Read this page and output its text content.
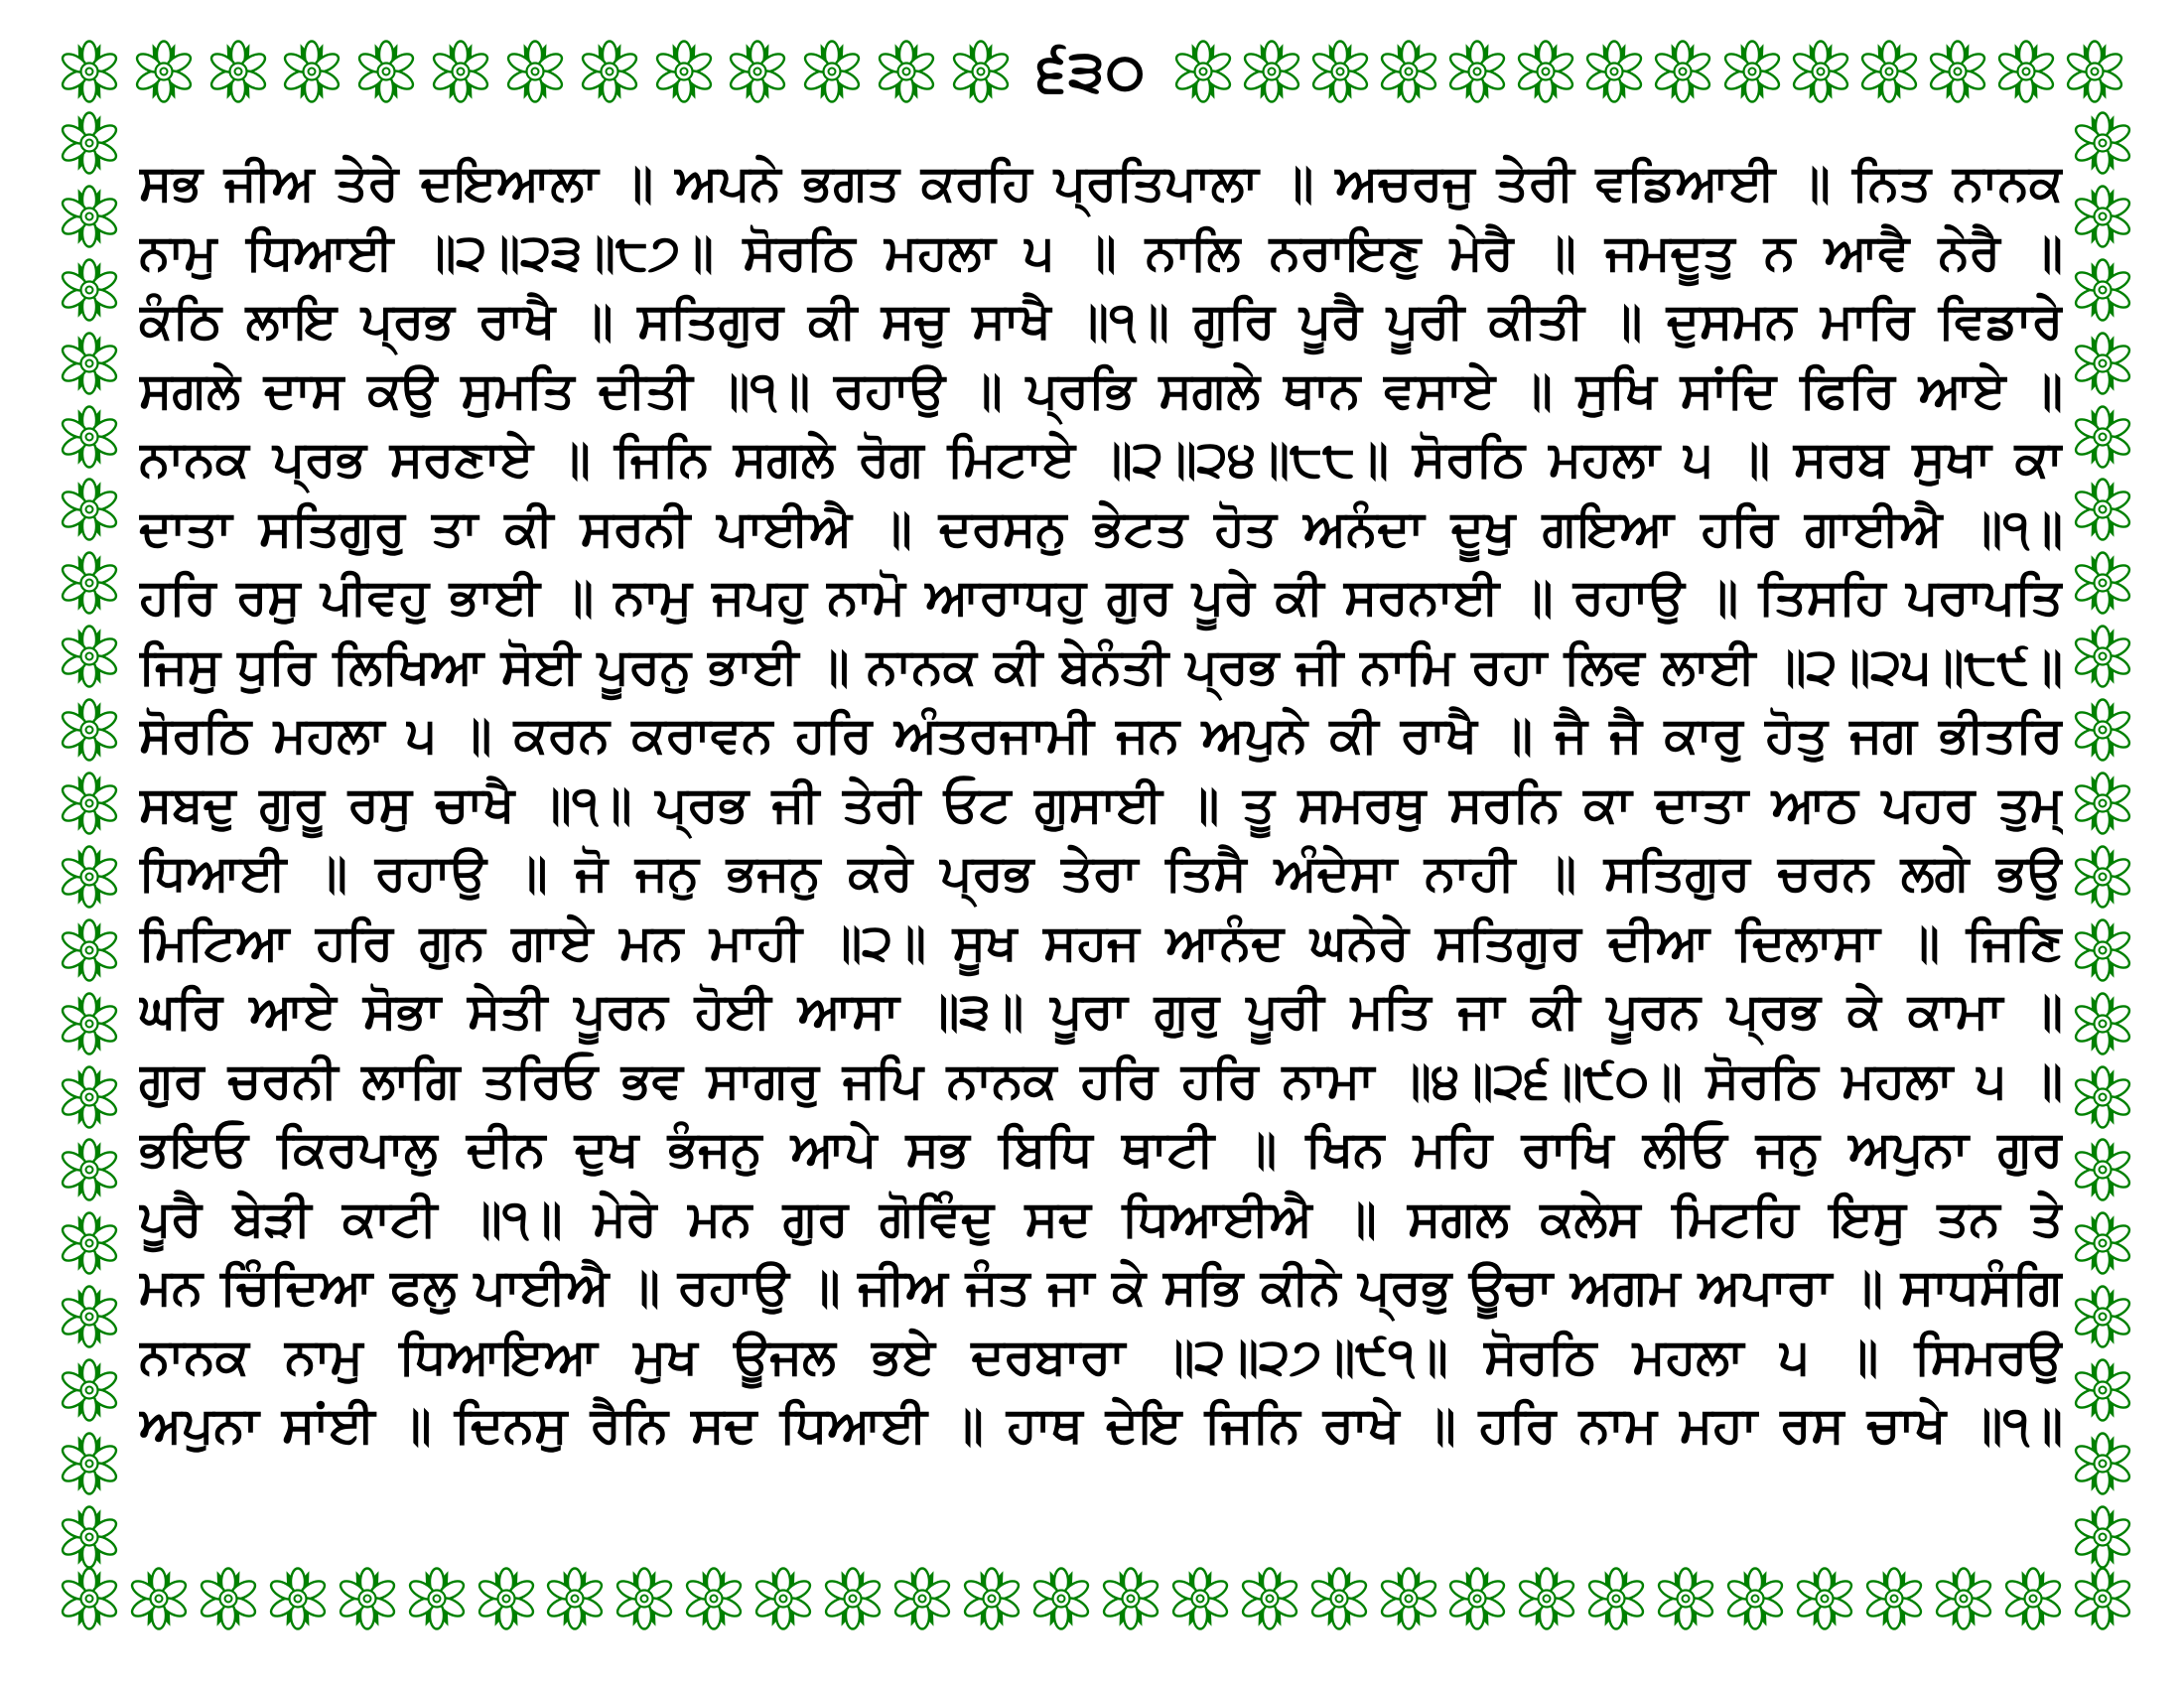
੬੩੦
ਸਭ ਜੀਅ ਤੇਰੇ ਦਇਆਲਾ ॥ ਅਪਨੇ ਭਗਤ ਕਰਹਿ ਪ੍ਰਤਿਪਾਲਾ ॥ ਅਚਰਜੁ ਤੇਰੀ ਵਡਿਆਈ ॥ ਨਿਤ ਨਾਨਕ
ਨਾਮੁ ਧਿਆਈ ॥੨॥੨੩॥੮੭॥ ਸੋਰਠਿ ਮਹਲਾ ੫ ॥ ਨਾਲਿ ਨਰਾਇਣੁ ਮੇਰੈ ॥ ਜਮਦੂਤੁ ਨ ਆਵੈ ਨੇਰੈ ॥
ਕੰਠਿ ਲਾਇ ਪ੍ਰਭ ਰਾਖੈ ॥ ਸਤਿਗੁਰ ਕੀ ਸਚੁ ਸਾਖੈ ॥੧॥ ਗੁਰਿ ਪੂਰੈ ਪੂਰੀ ਕੀਤੀ ॥ ਦੁਸਮਨ ਮਾਰਿ ਵਿਡਾਰੇ
ਸਗਲੇ ਦਾਸ ਕਉ ਸੁਮਤਿ ਦੀਤੀ ॥੧॥ ਰਹਾਉ ॥ ਪ੍ਰਭਿ ਸਗਲੇ ਥਾਨ ਵਸਾਏ ॥ ਸੁਖਿ ਸਾਂਦਿ ਫਿਰਿ ਆਏ ॥
ਨਾਨਕ ਪ੍ਰਭ ਸਰਣਾਏ ॥ ਜਿਨਿ ਸਗਲੇ ਰੋਗ ਮਿਟਾਏ ॥੨॥੨੪॥੮੮॥ ਸੋਰਠਿ ਮਹਲਾ ੫ ॥ ਸਰਬ ਸੁਖਾ ਕਾ
ਦਾਤਾ ਸਤਿਗੁਰੁ ਤਾ ਕੀ ਸਰਨੀ ਪਾਈਐ ॥ ਦਰਸਨੁ ਭੇਟਤ ਹੋਤ ਅਨੰਦਾ ਦੂਖੁ ਗਇਆ ਹਰਿ ਗਾਈਐ ॥੧॥
ਹਰਿ ਰਸੁ ਪੀਵਹੁ ਭਾਈ ॥ ਨਾਮੁ ਜਪਹੁ ਨਾਮੋ ਆਰਾਧਹੁ ਗੁਰ ਪੂਰੇ ਕੀ ਸਰਨਾਈ ॥ ਰਹਾਉ ॥ ਤਿਸਹਿ ਪਰਾਪਤਿ
ਜਿਸੁ ਧੁਰਿ ਲਿਖਿਆ ਸੋਈ ਪੂਰਨੁ ਭਾਈ ॥ ਨਾਨਕ ਕੀ ਬੇਨੰਤੀ ਪ੍ਰਭ ਜੀ ਨਾਮਿ ਰਹਾ ਲਿਵ ਲਾਈ ॥੨॥੨੫॥੮੯॥
ਸੋਰਠਿ ਮਹਲਾ ੫ ॥ ਕਰਨ ਕਰਾਵਨ ਹਰਿ ਅੰਤਰਜਾਮੀ ਜਨ ਅਪੁਨੇ ਕੀ ਰਾਖੈ ॥ ਜੈ ਜੈ ਕਾਰੁ ਹੋਤੁ ਜਗ ਭੀਤਰਿ
ਸਬਦੁ ਗੁਰੂ ਰਸੁ ਚਾਖੈ ॥੧॥ ਪ੍ਰਭ ਜੀ ਤੇਰੀ ਓਟ ਗੁਸਾਈ ॥ ਤੂ ਸਮਰਥੁ ਸਰਨਿ ਕਾ ਦਾਤਾ ਆਠ ਪਹਰ ਤੁਮ੍
ਧਿਆਈ ॥ ਰਹਾਉ ॥ ਜੋ ਜਨੁ ਭਜਨੁ ਕਰੇ ਪ੍ਰਭ ਤੇਰਾ ਤਿਸੈ ਅੰਦੇਸਾ ਨਾਹੀ ॥ ਸਤਿਗੁਰ ਚਰਨ ਲਗੇ ਭਉ
ਮਿਟਿਆ ਹਰਿ ਗੁਨ ਗਾਏ ਮਨ ਮਾਹੀ ॥੨॥ ਸੂਖ ਸਹਜ ਆਨੰਦ ਘਨੇਰੇ ਸਤਿਗੁਰ ਦੀਆ ਦਿਲਾਸਾ ॥ ਜਿਣਿ
ਘਰਿ ਆਏ ਸੋਭਾ ਸੇਤੀ ਪੂਰਨ ਹੋਈ ਆਸਾ ॥੩॥ ਪੂਰਾ ਗੁਰੁ ਪੂਰੀ ਮਤਿ ਜਾ ਕੀ ਪੂਰਨ ਪ੍ਰਭ ਕੇ ਕਾਮਾ ॥
ਗੁਰ ਚਰਨੀ ਲਾਗਿ ਤਰਿਓ ਭਵ ਸਾਗਰੁ ਜਪਿ ਨਾਨਕ ਹਰਿ ਹਰਿ ਨਾਮਾ ॥੪॥੨੬॥੯੦॥ ਸੋਰਠਿ ਮਹਲਾ ੫ ॥
ਭਇਓ ਕਿਰਪਾਲੁ ਦੀਨ ਦੁਖ ਭੰਜਨੁ ਆਪੇ ਸਭ ਬਿਧਿ ਥਾਟੀ ॥ ਖਿਨ ਮਹਿ ਰਾਖਿ ਲੀਓ ਜਨੁ ਅਪੁਨਾ ਗੁਰ
ਪੂਰੈ ਬੇੜੀ ਕਾਟੀ ॥੧॥ ਮੇਰੇ ਮਨ ਗੁਰ ਗੋਵਿੰਦੁ ਸਦ ਧਿਆਈਐ ॥ ਸਗਲ ਕਲੇਸ ਮਿਟਹਿ ਇਸੁ ਤਨ ਤੇ
ਮਨ ਚਿੰਦਿਆ ਫਲੁ ਪਾਈਐ ॥ ਰਹਾਉ ॥ ਜੀਅ ਜੰਤ ਜਾ ਕੇ ਸਭਿ ਕੀਨੇ ਪ੍ਰਭੁ ਊਚਾ ਅਗਮ ਅਪਾਰਾ ॥ ਸਾਧਸੰਗਿ
ਨਾਨਕ ਨਾਮੁ ਧਿਆਇਆ ਮੁਖ ਊਜਲ ਭਏ ਦਰਬਾਰਾ ॥੨॥੨੭॥੯੧॥ ਸੋਰਠਿ ਮਹਲਾ ੫ ॥ ਸਿਮਰਉ
ਅਪੁਨਾ ਸਾਂਈ ॥ ਦਿਨਸੁ ਰੈਨਿ ਸਦ ਧਿਆਈ ॥ ਹਾਥ ਦੇਇ ਜਿਨਿ ਰਾਖੇ ॥ ਹਰਿ ਨਾਮ ਮਹਾ ਰਸ ਚਾਖੇ ॥੧॥
